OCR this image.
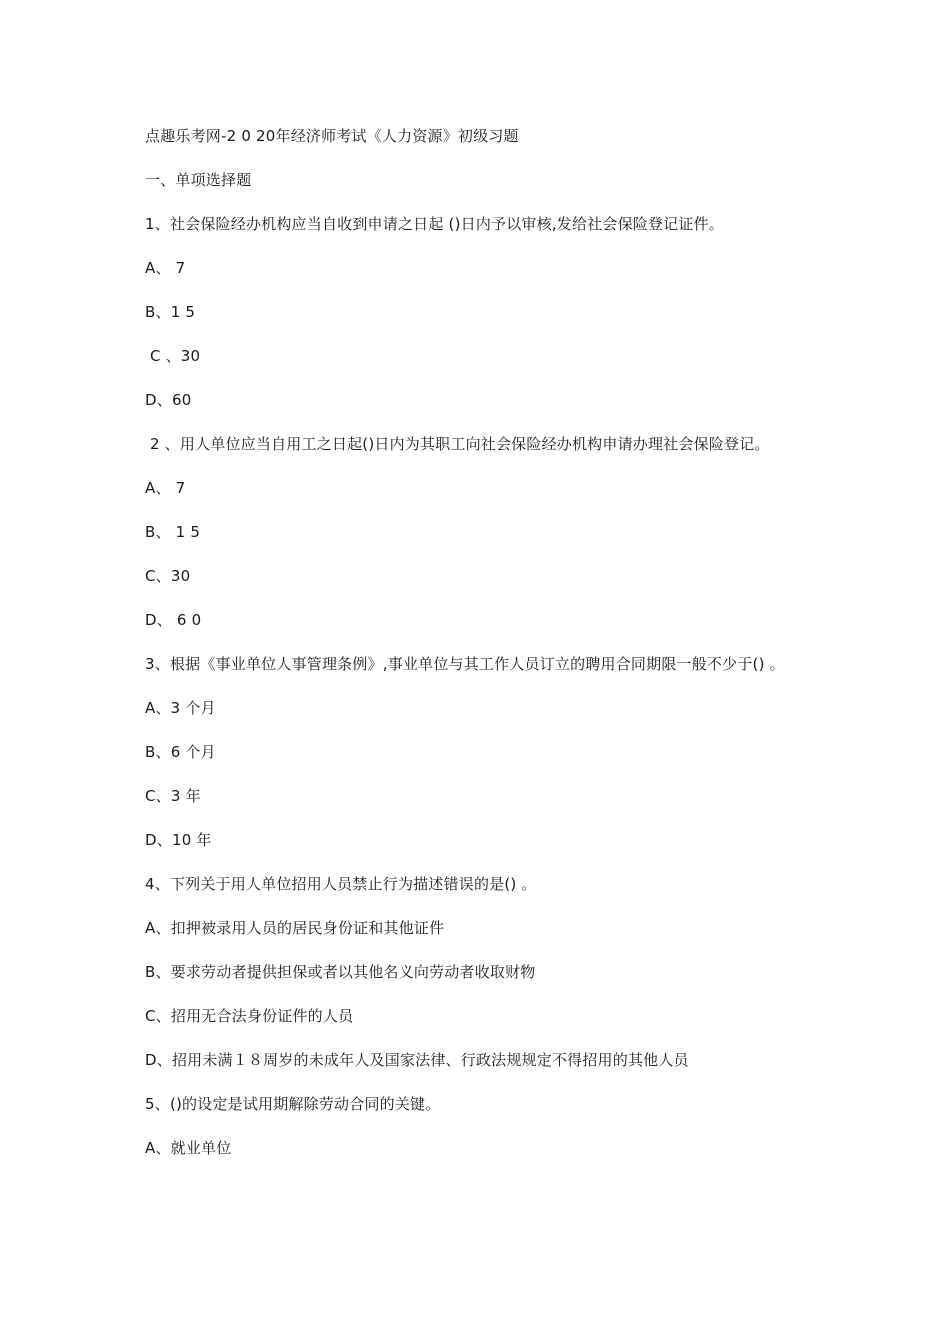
点趣乐考网-2 0 20年经济师考试《人力资源》初级习题
一、单项选择题
1、社会保险经办机构应当自收到申请之日起 ()日内予以审核,发给社会保险登记证件。
A、 7
B、1 5
C 、30
D、60
2 、用人单位应当自用工之日起()日内为其职工向社会保险经办机构申请办理社会保险登记。
A、 7
B、 1 5
C、30
D、 6 0
3、根据《事业单位人事管理条例》,事业单位与其工作人员订立的聘用合同期限一般不少于() 。
A、3 个月
B、6 个月
C、3 年
D、10 年
4、下列关于用人单位招用人员禁止行为描述错误的是() 。
A、扣押被录用人员的居民身份证和其他证件
B、要求劳动者提供担保或者以其他名义向劳动者收取财物
C、招用无合法身份证件的人员
D、招用未满１８周岁的未成年人及国家法律、行政法规规定不得招用的其他人员
5、()的设定是试用期解除劳动合同的关键。
A、就业单位
